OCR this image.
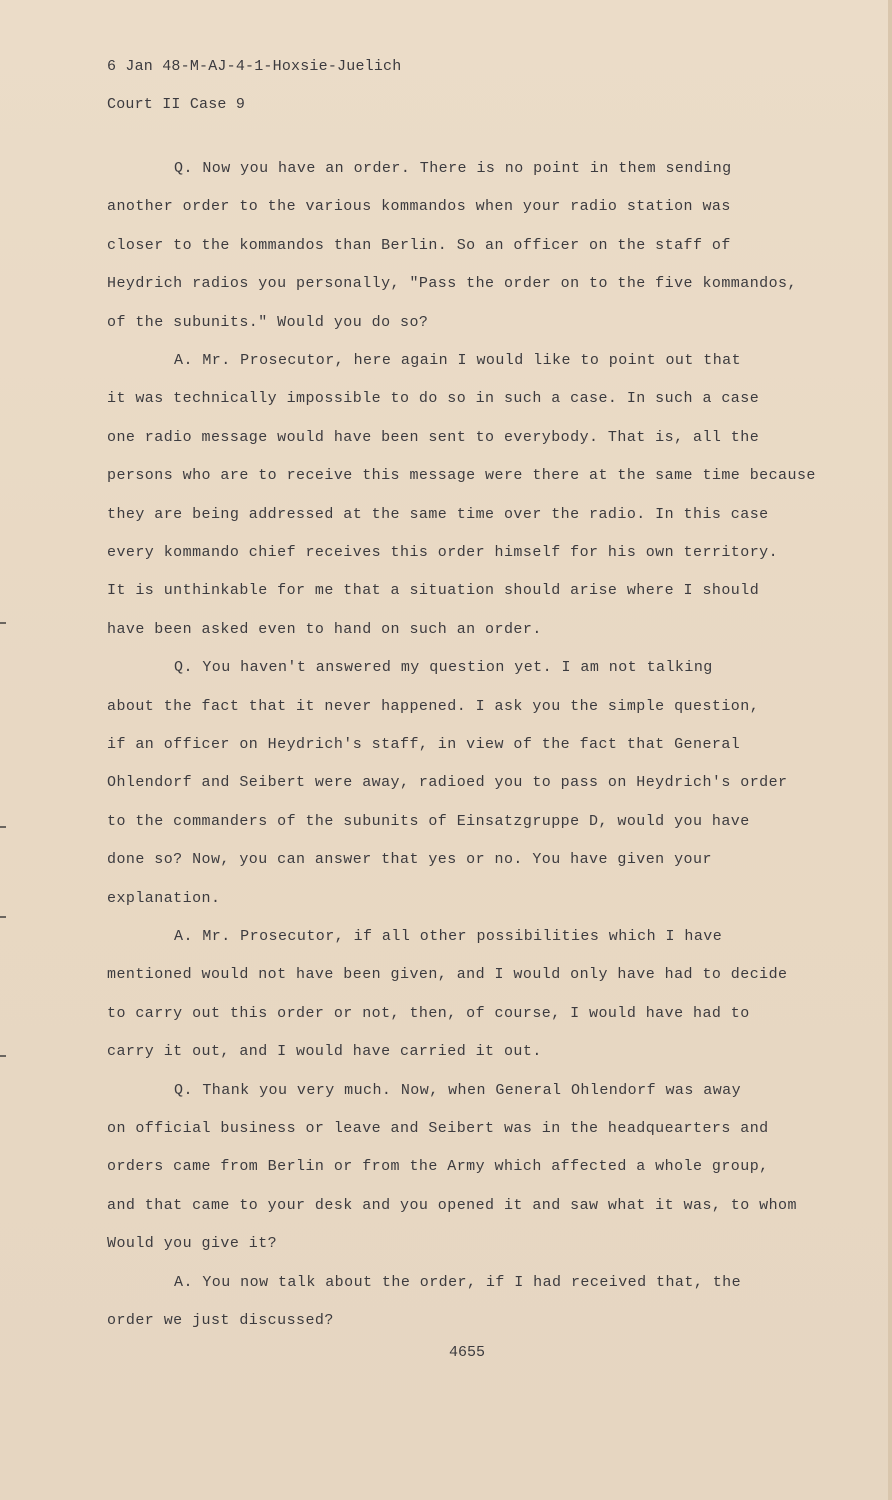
6 Jan 48-M-AJ-4-1-Hoxsie-Juelich
Court II Case 9
Q. Now you have an order. There is no point in them sending
another order to the various kommandos when your radio station was
closer to the kommandos than Berlin. So an officer on the staff of
Heydrich radios you personally, "Pass the order on to the five kommandos,
of the subunits." Would you do so?
A. Mr. Prosecutor, here again I would like to point out that
it was technically impossible to do so in such a case. In such a case
one radio message would have been sent to everybody. That is, all the
persons who are to receive this message were there at the same time because
they are being addressed at the same time over the radio. In this case
every kommando chief receives this order himself for his own territory.
It is unthinkable for me that a situation should arise where I should
have been asked even to hand on such an order.
Q. You haven't answered my question yet. I am not talking
about the fact that it never happened. I ask you the simple question,
if an officer on Heydrich's staff, in view of the fact that General
Ohlendorf and Seibert were away, radioed you to pass on Heydrich's order
to the commanders of the subunits of Einsatzgruppe D, would you have
done so? Now, you can answer that yes or no. You have given your
explanation.
A. Mr. Prosecutor, if all other possibilities which I have
mentioned would not have been given, and I would only have had to decide
to carry out this order or not, then, of course, I would have had to
carry it out, and I would have carried it out.
Q. Thank you very much. Now, when General Ohlendorf was away
on official business or leave and Seibert was in the headquearters and
orders came from Berlin or from the Army which affected a whole group,
and that came to your desk and you opened it and saw what it was, to whom
Would you give it?
A. You now talk about the order, if I had received that, the
order we just discussed?
4655
